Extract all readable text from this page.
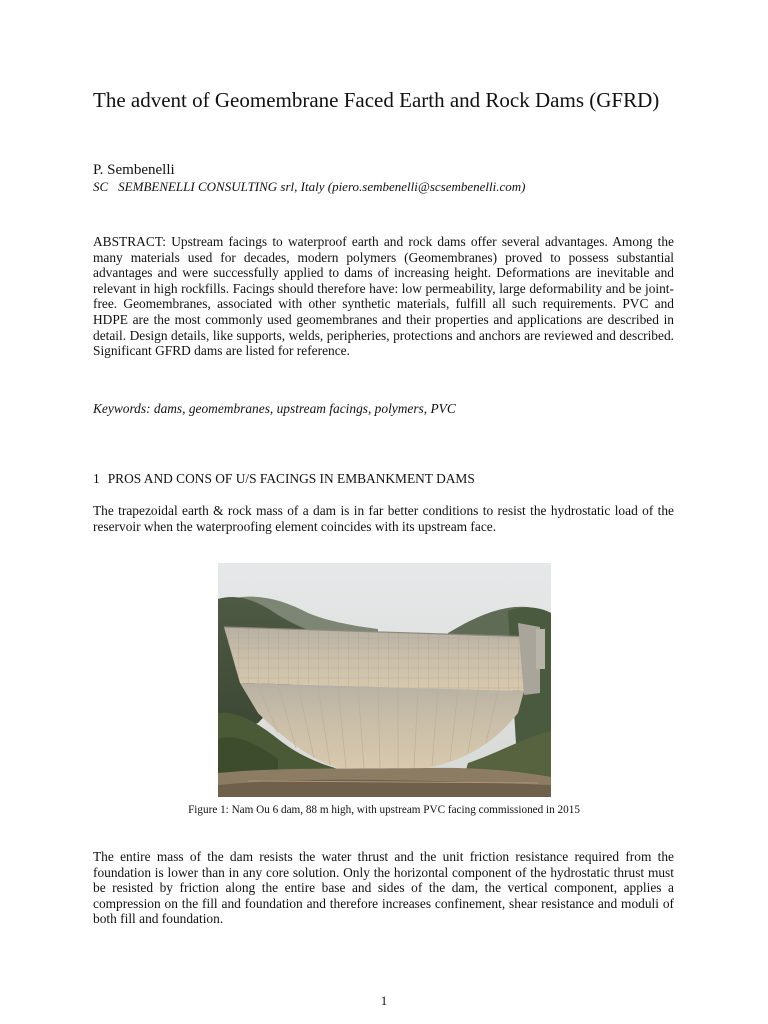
The advent of Geomembrane Faced Earth and Rock Dams (GFRD)
P. Sembenelli
SC SEMBENELLI CONSULTING srl, Italy (piero.sembenelli@scsembenelli.com)

ABSTRACT: Upstream facings to waterproof earth and rock dams offer several advantages. Among the many materials used for decades, modern polymers (Geomembranes) proved to possess substantial advantages and were successfully applied to dams of increasing height. Deformations are inevitable and relevant in high rockfills. Facings should therefore have: low permeability, large deformability and be joint-free. Geomembranes, associated with other synthetic materials, fulfill all such requirements. PVC and HDPE are the most commonly used geomembranes and their properties and applications are described in detail. Design details, like supports, welds, peripheries, protections and anchors are reviewed and described. Significant GFRD dams are listed for reference.

Keywords: dams, geomembranes, upstream facings, polymers, PVC
1 PROS AND CONS OF U/S FACINGS IN EMBANKMENT DAMS

The trapezoidal earth & rock mass of a dam is in far better conditions to resist the hydrostatic load of the reservoir when the waterproofing element coincides with its upstream face.

Figure 1: Nam Ou 6 dam, 88 m high, with upstream PVC facing commissioned in 2015

The entire mass of the dam resists the water thrust and the unit friction resistance required from the foundation is lower than in any core solution. Only the horizontal component of the hydrostatic thrust must be resisted by friction along the entire base and sides of the dam, the vertical component, applies a compression on the fill and foundation and therefore increases confinement, shear resistance and moduli of both fill and foundation.

1
